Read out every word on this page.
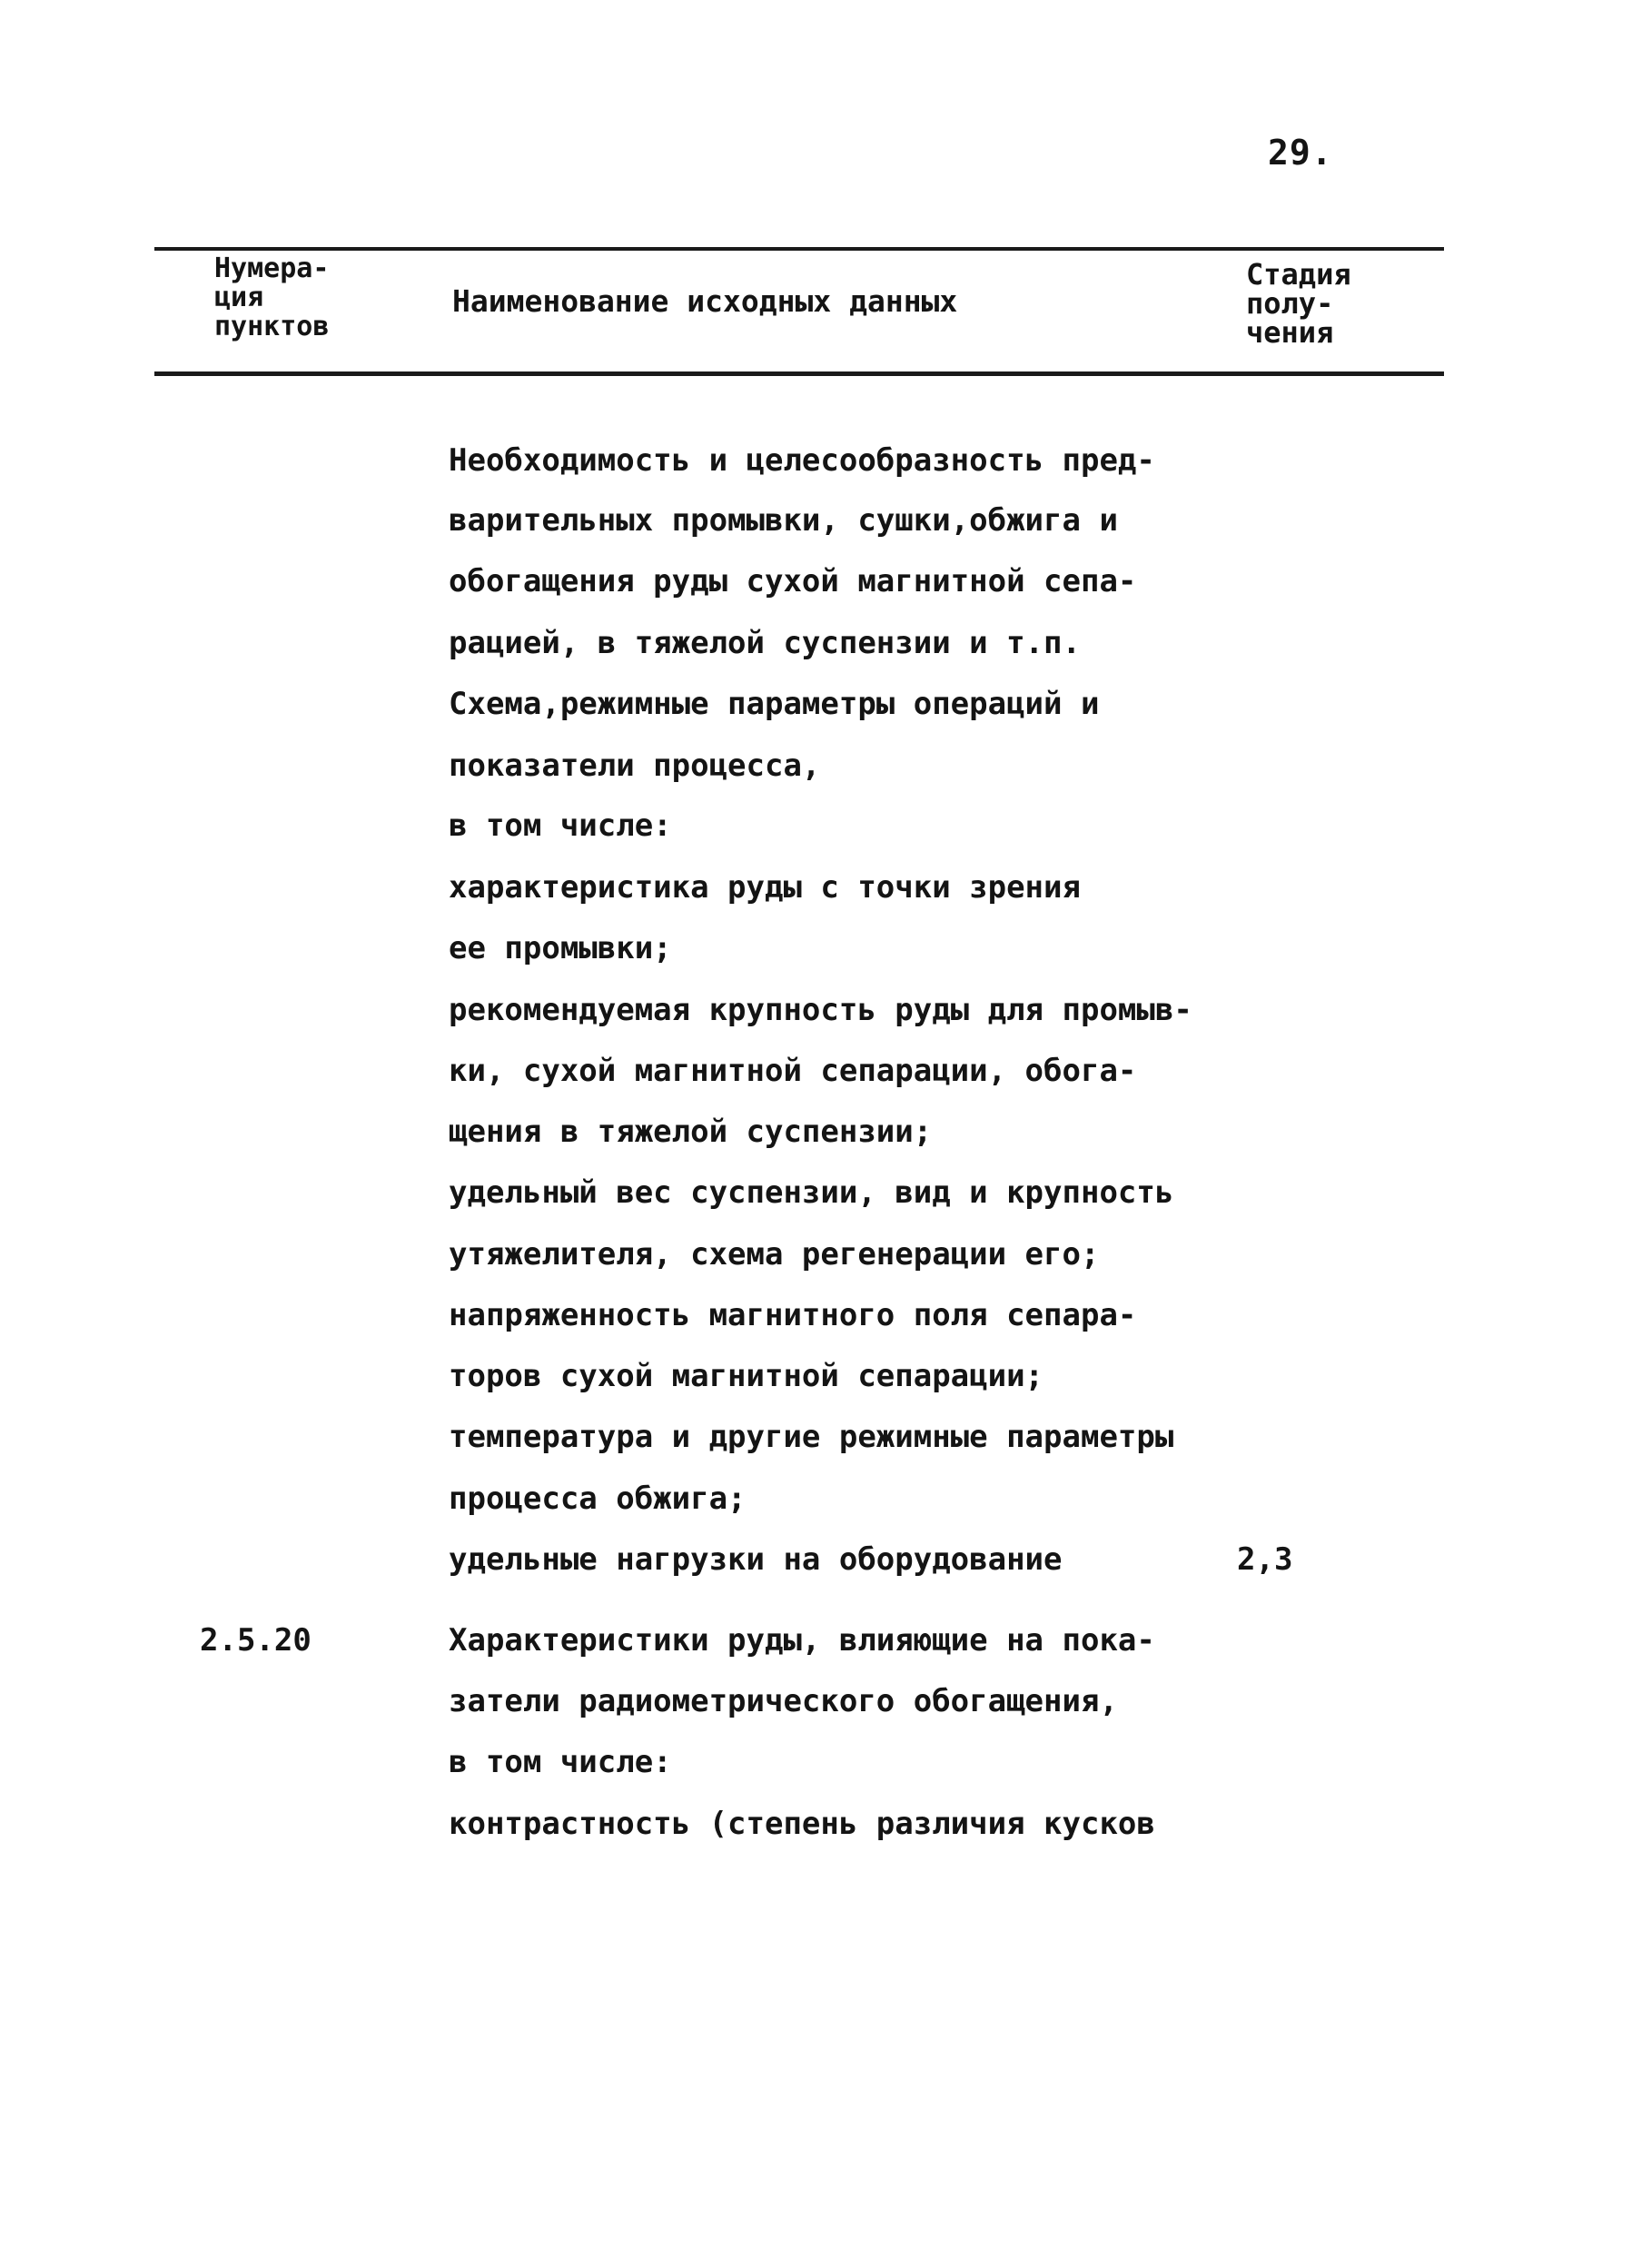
29.
Нумера-
ция
пунктов
Наименование исходных данных
Стадия
полу-
чения
Необходимость и целесообразность пред-
варительных промывки, сушки,обжига и
обогащения руды сухой магнитной сепа-
рацией, в тяжелой суспензии и т.п.
Схема,режимные параметры операций и
показатели процесса,
в том числе:
характеристика руды с точки зрения
ее промывки;
рекомендуемая крупность руды для промыв-
ки, сухой магнитной сепарации, обога-
щения в тяжелой суспензии;
удельный вес суспензии, вид и крупность
утяжелителя, схема регенерации его;
напряженность магнитного поля сепара-
торов сухой магнитной сепарации;
температура и другие режимные параметры
процесса обжига;
удельные нагрузки на оборудование
Характеристики руды, влияющие на пока-
затели радиометрического обогащения,
в том числе:
контрастность (степень различия кусков
2.5.20
2,3
